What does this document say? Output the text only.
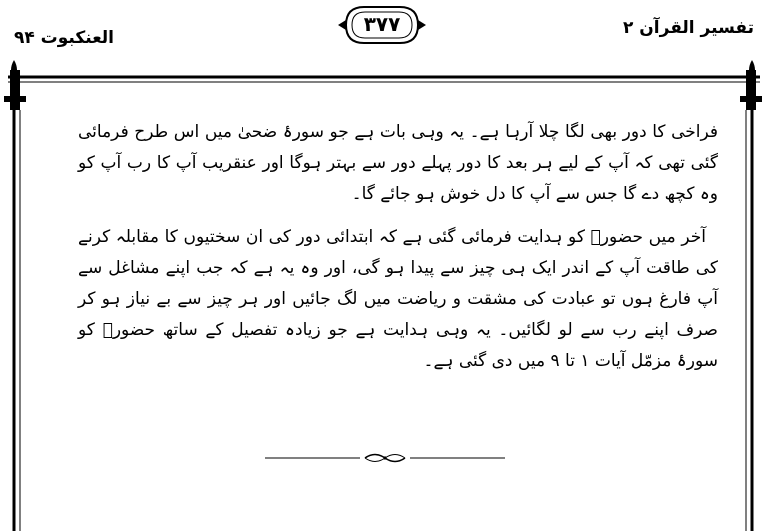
العنكبوت ۹۴
۳۷۷	تفسیر القرآن ۲

فراخی کا دور بھی لگا چلا آرہا ہے۔ یہ وہی بات ہے جو سورۂ ضحیٰ میں اس طرح فرمائی گئی تھی کہ آپ کے لیے ہر بعد کا دور پہلے دور سے بہتر ہوگا اور عنقریب آپ کا رب آپ کو وہ کچھ دے گا جس سے آپ کا دل خوش ہو جائے گا۔

آخر میں حضورؐ کو ہدایت فرمائی گئی ہے کہ ابتدائی دور کی ان سختیوں کا مقابلہ کرنے کی طاقت آپ کے اندر ایک ہی چیز سے پیدا ہو گی، اور وہ یہ ہے کہ جب اپنے مشاغل سے آپ فارغ ہوں تو عبادت کی مشقت و ریاضت میں لگ جائیں اور ہر چیز سے بے نیاز ہو کر صرف اپنے رب سے لو لگائیں۔ یہ وہی ہدایت ہے جو زیادہ تفصیل کے ساتھ حضورؐ کو سورۂ مزمّل آیات ۱ تا ۹ میں دی گئی ہے۔
